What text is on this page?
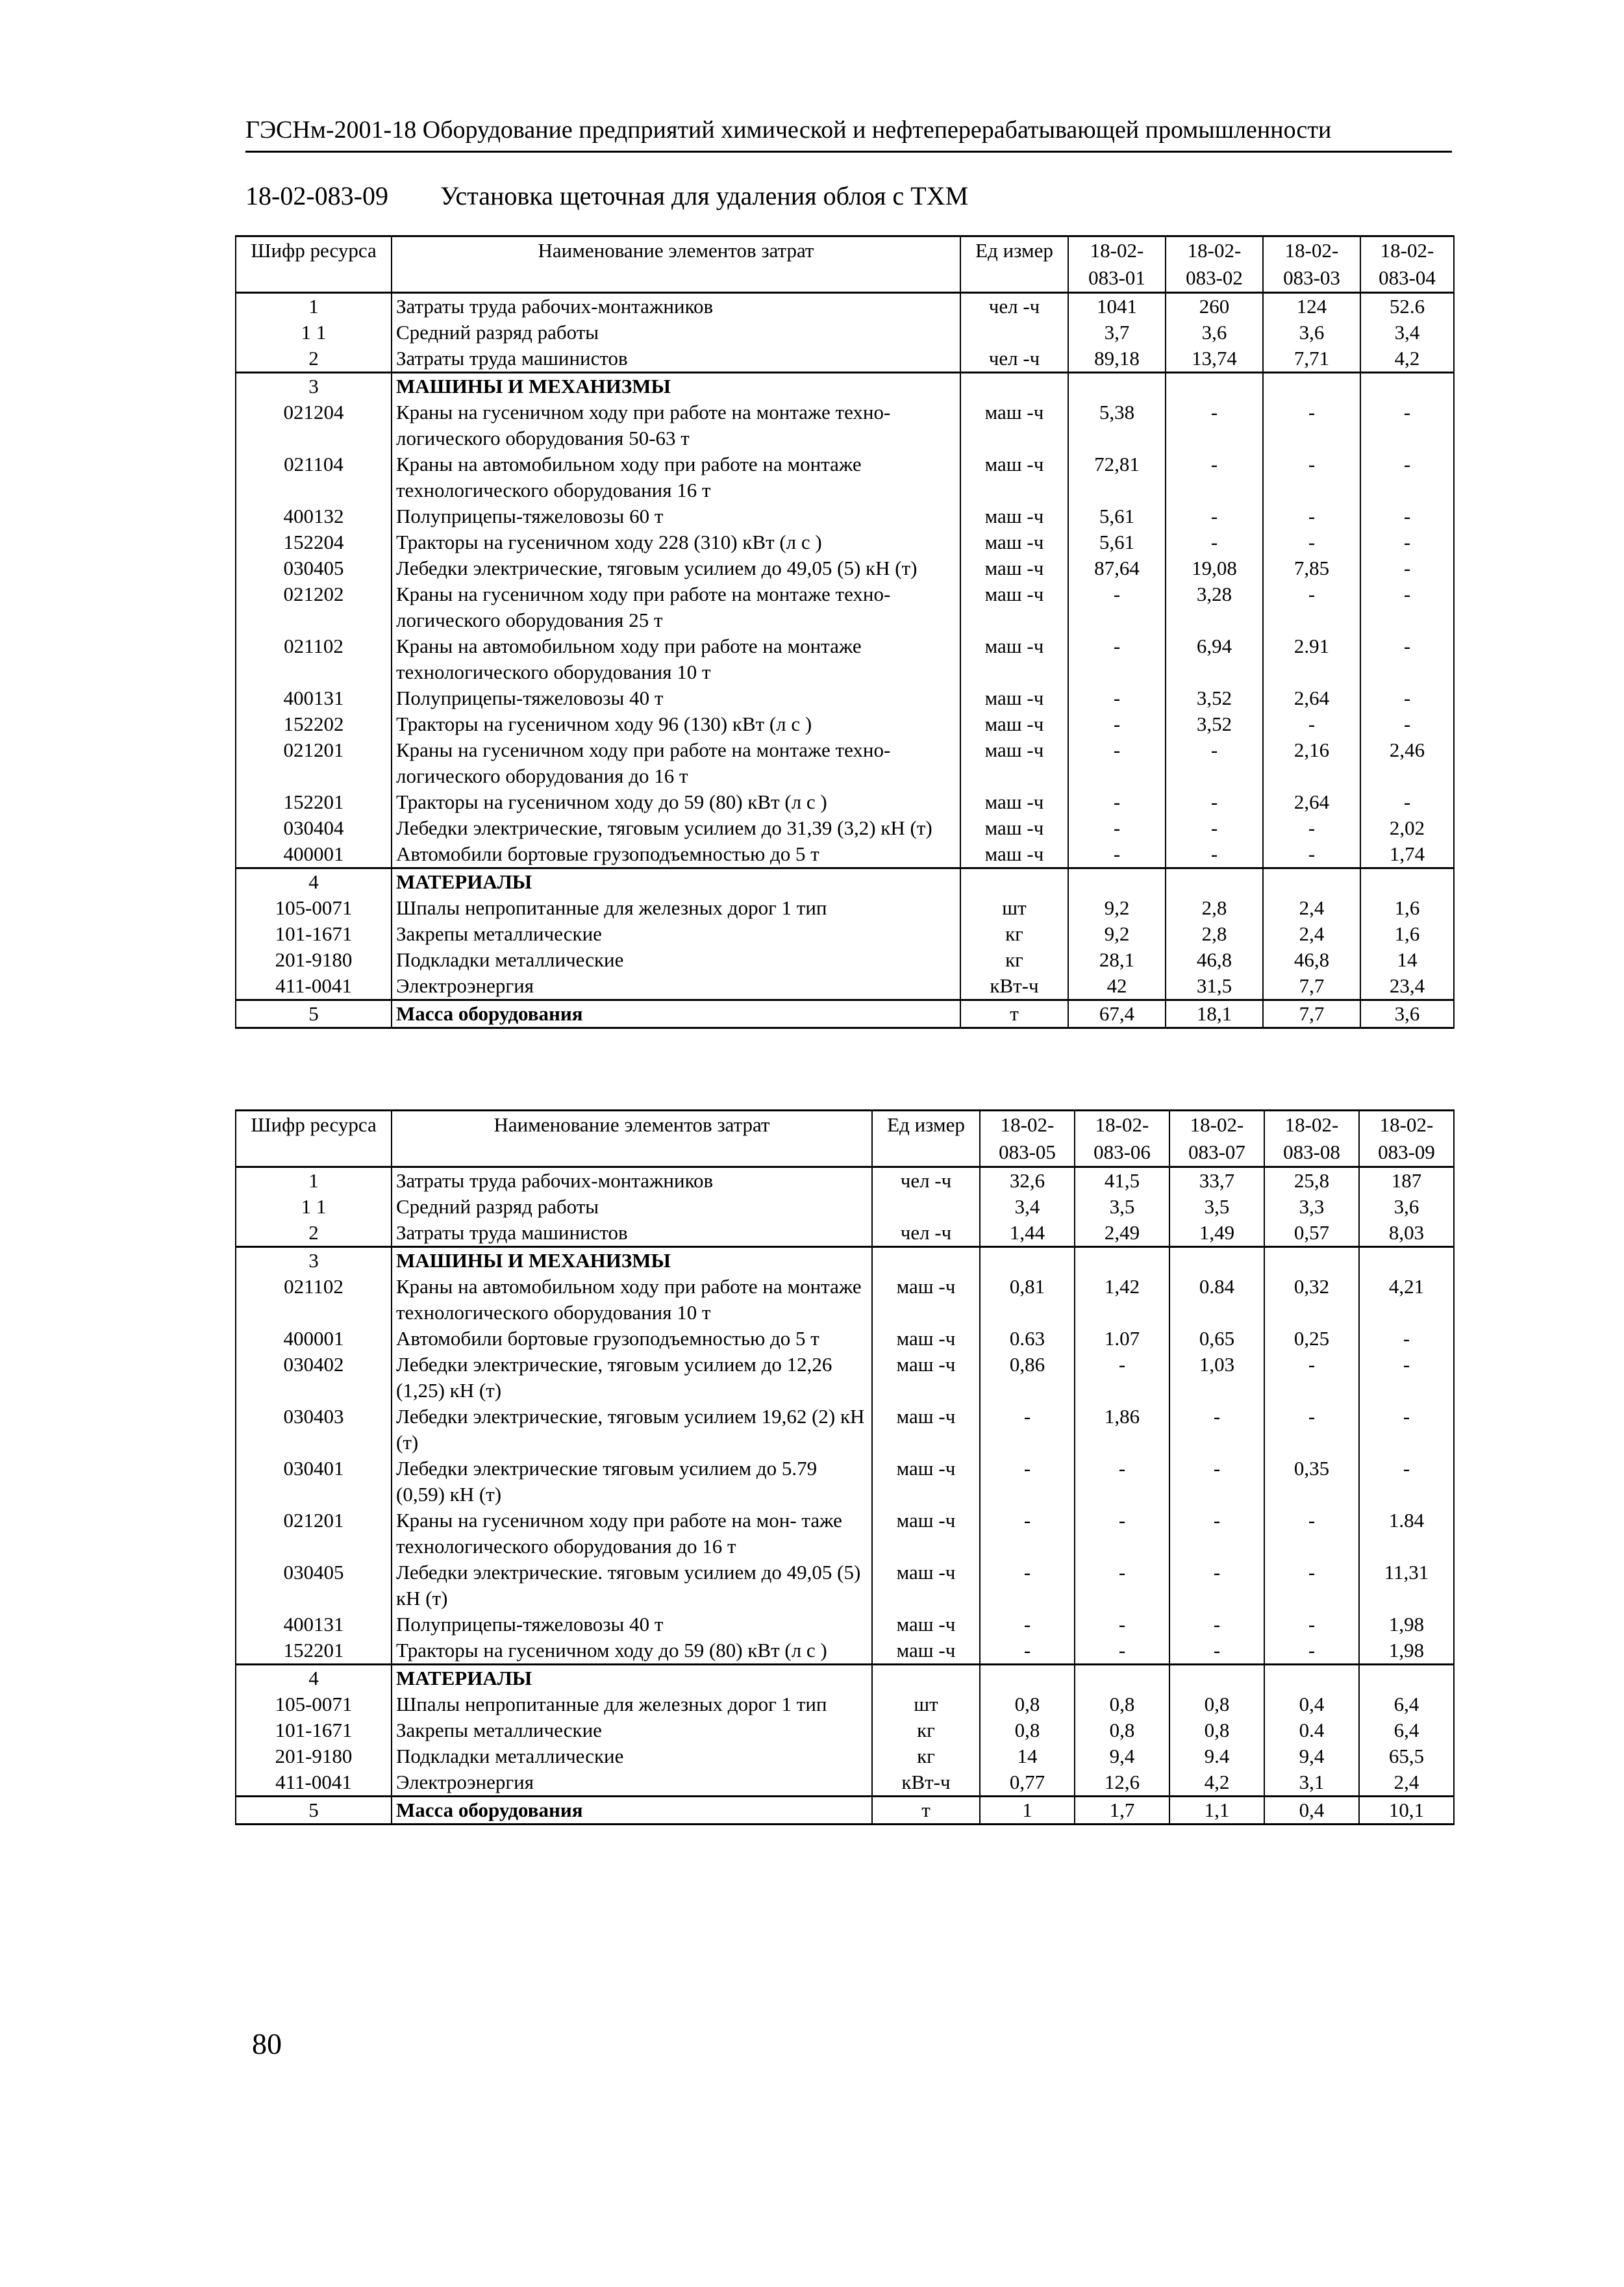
ГЭСНм-2001-18 Оборудование предприятий химической и нефтеперерабатывающей промышленности
18-02-083-09 Установка щеточная для удаления облоя с ТХМ
Шифр ресурса	Наименование элементов затрат	Ед измер	18-02-083-01	18-02-083-02	18-02-083-03	18-02-083-04
1	Затраты труда рабочих-монтажников	чел -ч	1041	260	124	52.6
1 1	Средний разряд работы		3,7	3,6	3,6	3,4
2	Затраты труда машинистов	чел -ч	89,18	13,74	7,71	4,2
3	МАШИНЫ И МЕХАНИЗМЫ					
021204	Краны на гусеничном ходу при работе на монтаже техно- логического оборудования 50-63 т	маш -ч	5,38	-	-	-
021104	Краны на автомобильном ходу при работе на монтаже технологического оборудования 16 т	маш -ч	72,81	-	-	-
400132	Полуприцепы-тяжеловозы 60 т	маш -ч	5,61	-	-	-
152204	Тракторы на гусеничном ходу 228 (310) кВт (л с )	маш -ч	5,61	-	-	-
030405	Лебедки электрические, тяговым усилием до 49,05 (5) кН (т)	маш -ч	87,64	19,08	7,85	-
021202	Краны на гусеничном ходу при работе на монтаже техно- логического оборудования 25 т	маш -ч	-	3,28	-	-
021102	Краны на автомобильном ходу при работе на монтаже технологического оборудования 10 т	маш -ч	-	6,94	2.91	-
400131	Полуприцепы-тяжеловозы 40 т	маш -ч	-	3,52	2,64	-
152202	Тракторы на гусеничном ходу 96 (130) кВт (л с )	маш -ч	-	3,52	-	-
021201	Краны на гусеничном ходу при работе на монтаже техно- логического оборудования до 16 т	маш -ч	-	-	2,16	2,46
152201	Тракторы на гусеничном ходу до 59 (80) кВт (л с )	маш -ч	-	-	2,64	-
030404	Лебедки электрические, тяговым усилием до 31,39 (3,2) кН (т)	маш -ч	-	-	-	2,02
400001	Автомобили бортовые грузоподъемностью до 5 т	маш -ч	-	-	-	1,74
4	МАТЕРИАЛЫ					
105-0071	Шпалы непропитанные для железных дорог 1 тип	шт	9,2	2,8	2,4	1,6
101-1671	Закрепы металлические	кг	9,2	2,8	2,4	1,6
201-9180	Подкладки металлические	кг	28,1	46,8	46,8	14
411-0041	Электроэнергия	кВт-ч	42	31,5	7,7	23,4
5	Масса оборудования	т	67,4	18,1	7,7	3,6
Шифр ресурса	Наименование элементов затрат	Ед измер	18-02-083-05	18-02-083-06	18-02-083-07	18-02-083-08	18-02-083-09
1	Затраты труда рабочих-монтажников	чел -ч	32,6	41,5	33,7	25,8	187
1 1	Средний разряд работы		3,4	3,5	3,5	3,3	3,6
2	Затраты труда машинистов	чел -ч	1,44	2,49	1,49	0,57	8,03
3	МАШИНЫ И МЕХАНИЗМЫ						
021102	Краны на автомобильном ходу при работе на монтаже технологического оборудования 10 т	маш -ч	0,81	1,42	0.84	0,32	4,21
400001	Автомобили бортовые грузоподъемностью до 5 т	маш -ч	0.63	1.07	0,65	0,25	-
030402	Лебедки электрические, тяговым усилием до 12,26 (1,25) кН (т)	маш -ч	0,86	-	1,03	-	-
030403	Лебедки электрические, тяговым усилием 19,62 (2) кН (т)	маш -ч	-	1,86	-	-	-
030401	Лебедки электрические тяговым усилием до 5.79 (0,59) кН (т)	маш -ч	-	-	-	0,35	-
021201	Краны на гусеничном ходу при работе на мон- таже технологического оборудования до 16 т	маш -ч	-	-	-	-	1.84
030405	Лебедки электрические. тяговым усилием до 49,05 (5) кН (т)	маш -ч	-	-	-	-	11,31
400131	Полуприцепы-тяжеловозы 40 т	маш -ч	-	-	-	-	1,98
152201	Тракторы на гусеничном ходу до 59 (80) кВт (л с )	маш -ч	-	-	-	-	1,98
4	МАТЕРИАЛЫ						
105-0071	Шпалы непропитанные для железных дорог 1 тип	шт	0,8	0,8	0,8	0,4	6,4
101-1671	Закрепы металлические	кг	0,8	0,8	0,8	0.4	6,4
201-9180	Подкладки металлические	кг	14	9,4	9.4	9,4	65,5
411-0041	Электроэнергия	кВт-ч	0,77	12,6	4,2	3,1	2,4
5	Масса оборудования	т	1	1,7	1,1	0,4	10,1
80
